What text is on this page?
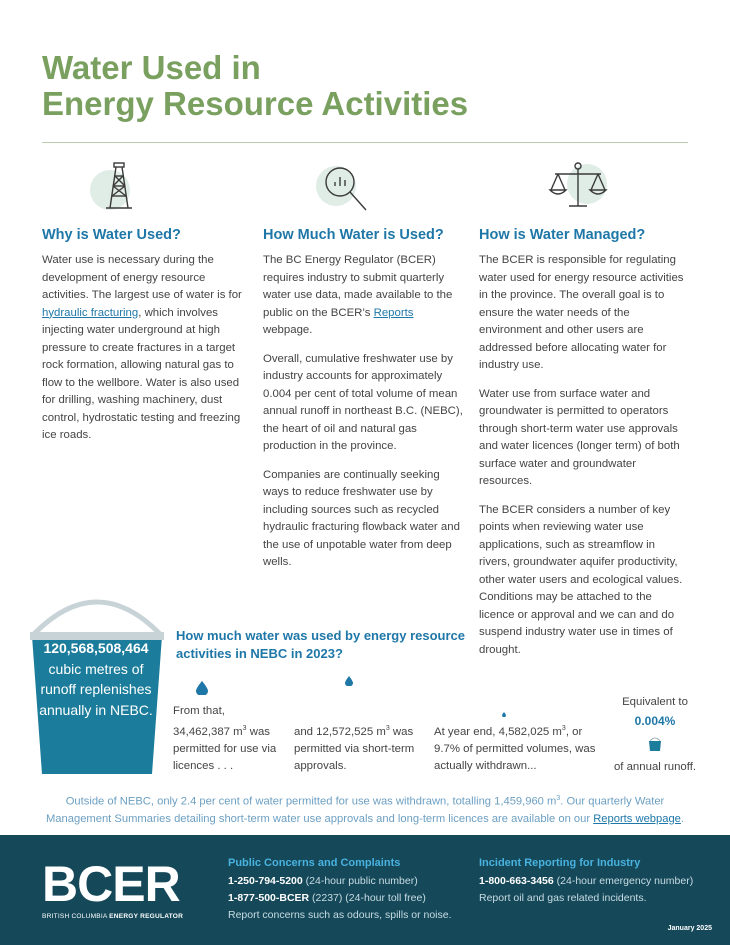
Water Used in
Energy Resource Activities
Why is Water Used?

Water use is necessary during the development of energy resource activities. The largest use of water is for hydraulic fracturing, which involves injecting water underground at high pressure to create fractures in a target rock formation, allowing natural gas to flow to the wellbore. Water is also used for drilling, washing machinery, dust control, hydrostatic testing and freezing ice roads.

How Much Water is Used?

The BC Energy Regulator (BCER) requires industry to submit quarterly water use data, made available to the public on the BCER’s Reports webpage.

Overall, cumulative freshwater use by industry accounts for approximately 0.004 per cent of total volume of mean annual runoff in northeast B.C. (NEBC), the heart of oil and natural gas production in the province.

Companies are continually seeking ways to reduce freshwater use by including sources such as recycled hydraulic fracturing flowback water and the use of unpotable water from deep wells.

How is Water Managed?

The BCER is responsible for regulating water used for energy resource activities in the province. The overall goal is to ensure the water needs of the environment and other users are addressed before allocating water for industry use.

Water use from surface water and groundwater is permitted to operators through short-term water use approvals and water licences (longer term) of both surface water and groundwater resources.

The BCER considers a number of key points when reviewing water use applications, such as streamflow in rivers, groundwater aquifer productivity, other water users and ecological values. Conditions may be attached to the licence or approval and we can and do suspend industry water use in times of drought.

120,568,508,464
cubic metres of runoff replenishes annually in NEBC.
How much water was used by energy resource activities in NEBC in 2023?
From that, 34,462,387 $m^3$ was permitted for use via licences . . .
and 12,572,525 $m^3$ was permitted via short-term approvals.
At year end, 4,582,025 $m^3$, or 9.7% of permitted volumes, was actually withdrawn...
Equivalent to
0.004%
of annual runoff.
Outside of NEBC, only 2.4 per cent of water permitted for use was withdrawn, totalling 1,459,960 $m^3$. Our quarterly Water Management Summaries detailing short-term water use approvals and long-term licences are available on our Reports webpage.
BCER
BRITISH COLUMBIA ENERGY REGULATOR
Public Concerns and Complaints
1-250-794-5200 (24-hour public number)
1-877-500-BCER (2237) (24-hour toll free)
Report concerns such as odours, spills or noise.
Incident Reporting for Industry
1-800-663-3456 (24-hour emergency number)
Report oil and gas related incidents.
January 2025
